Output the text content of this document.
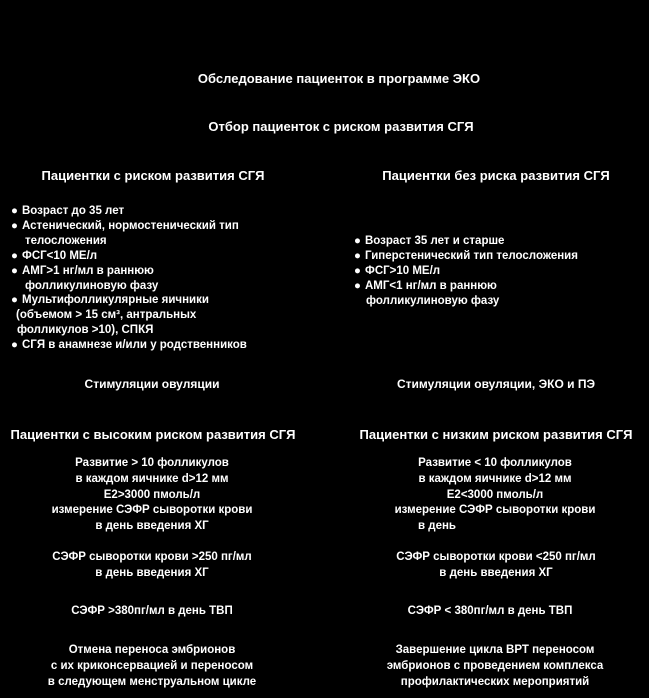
Обследование пациенток в программе ЭКО
Отбор пациенток с риском развития СГЯ
Пациентки с риском развития СГЯ	Пациентки без риска развития СГЯ
● Возраст до 35 лет
● Астенический, нормостенический тип
телосложения
● ФСГ<10 МЕ/л
● АМГ>1 нг/мл в раннюю
фолликулиновую фазу
● Мультифолликулярные яичники
(объемом > 15 см³, антральных
фолликулов >10), СПКЯ
● СГЯ в анамнезе и/или у родственников
● Возраст 35 лет и старше
● Гиперстенический тип телосложения
● ФСГ>10 МЕ/л
● АМГ<1 нг/мл в раннюю
фолликулиновую фазу
Стимуляции овуляции	Стимуляции овуляции, ЭКО и ПЭ
Пациентки с высоким риском развития СГЯ	Пациентки с низким риском развития СГЯ
Развитие > 10 фолликулов
в каждом яичнике d>12 мм
E2>3000 пмоль/л
измерение СЭФР сыворотки крови
в день введения ХГ
Развитие < 10 фолликулов
в каждом яичнике d>12 мм
E2<3000 пмоль/л
измерение СЭФР сыворотки крови
в день
СЭФР сыворотки крови >250 пг/мл
в день введения ХГ
СЭФР сыворотки крови <250 пг/мл
в день введения ХГ
СЭФР >380пг/мл в день ТВП	СЭФР < 380пг/мл в день ТВП
Отмена переноса эмбрионов
с их криконсервацией и переносом
в следующем менструальном цикле
Завершение цикла ВРТ переносом
эмбрионов с проведением комплекса
профилактических мероприятий
